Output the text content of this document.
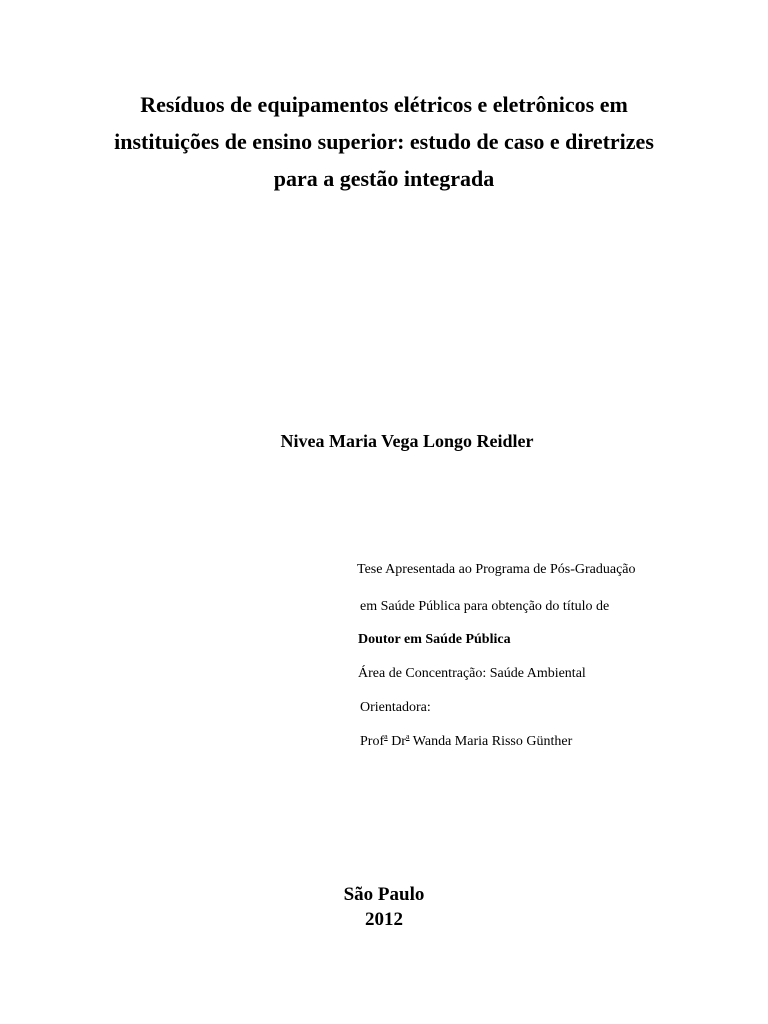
Resíduos de equipamentos elétricos e eletrônicos em
instituições de ensino superior: estudo de caso e diretrizes
para a gestão integrada

Nivea Maria Vega Longo Reidler

Tese Apresentada ao Programa de Pós-Graduação
em Saúde Pública para obtenção do título de
Doutor em Saúde Pública
Área de Concentração: Saúde Ambiental
Orientadora:
Prof$^a$ Dr$^a$ Wanda Maria Risso Günther
São Paulo
2012
